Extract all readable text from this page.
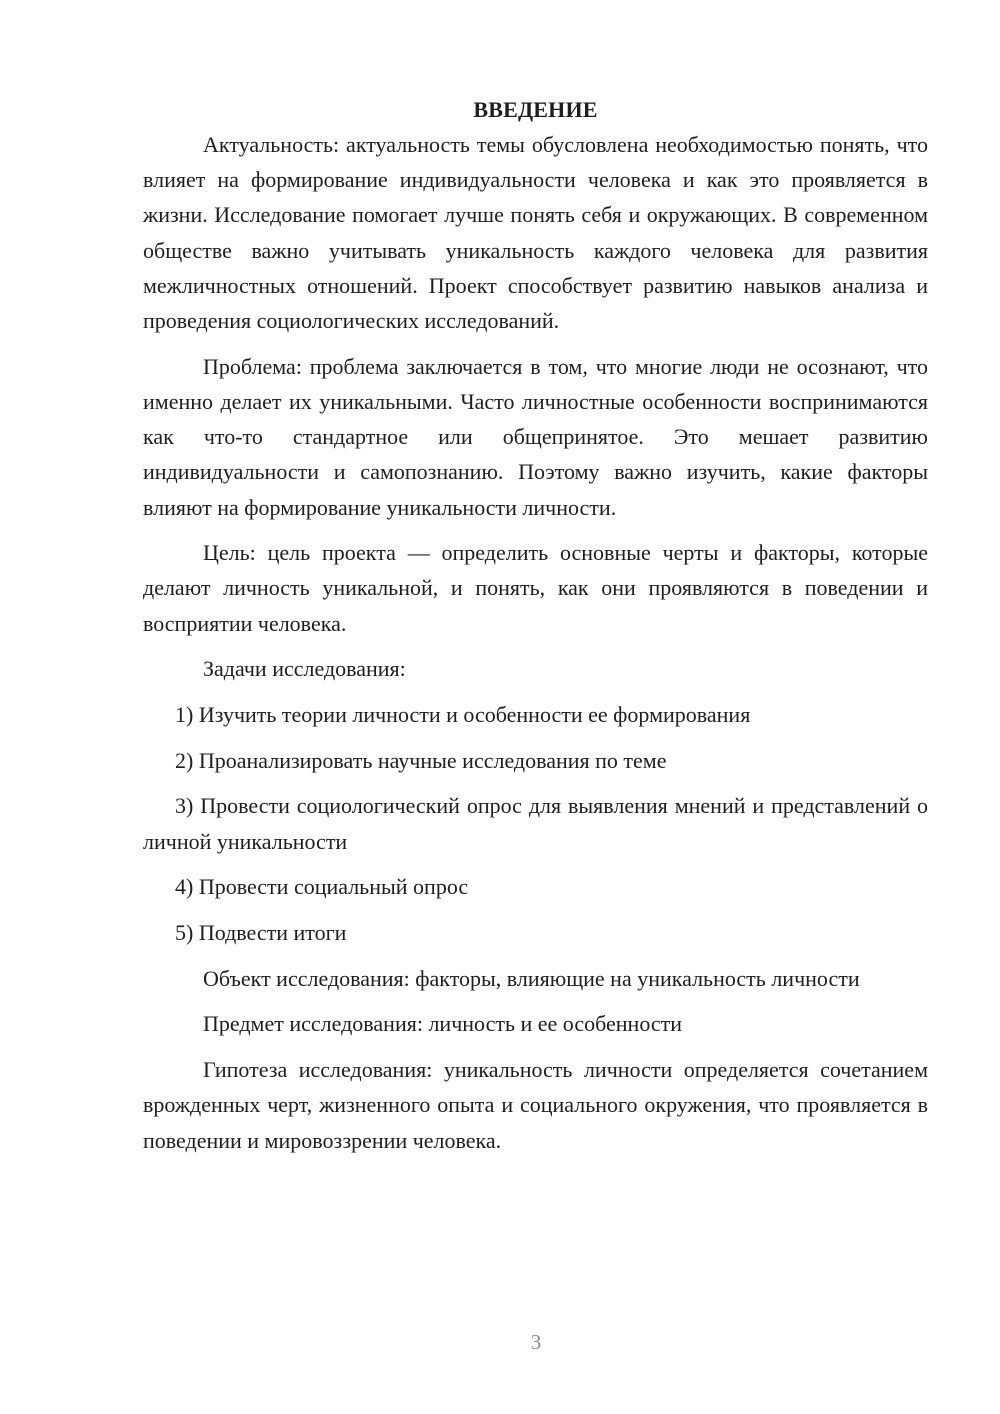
ВВЕДЕНИЕ

Актуальность: актуальность темы обусловлена необходимостью понять, что влияет на формирование индивидуальности человека и как это проявляется в жизни. Исследование помогает лучше понять себя и окружающих. В современном обществе важно учитывать уникальность каждого человека для развития межличностных отношений. Проект способствует развитию навыков анализа и проведения социологических исследований.

Проблема: проблема заключается в том, что многие люди не осознают, что именно делает их уникальными. Часто личностные особенности воспринимаются как что-то стандартное или общепринятое. Это мешает развитию индивидуальности и самопознанию. Поэтому важно изучить, какие факторы влияют на формирование уникальности личности.

Цель: цель проекта — определить основные черты и факторы, которые делают личность уникальной, и понять, как они проявляются в поведении и восприятии человека.

Задачи исследования:

1) Изучить теории личности и особенности ее формирования

2) Проанализировать научные исследования по теме

3) Провести социологический опрос для выявления мнений и представлений о личной уникальности

4) Провести социальный опрос

5) Подвести итоги

Объект исследования: факторы, влияющие на уникальность личности

Предмет исследования: личность и ее особенности

Гипотеза исследования: уникальность личности определяется сочетанием врожденных черт, жизненного опыта и социального окружения, что проявляется в поведении и мировоззрении человека.

3
